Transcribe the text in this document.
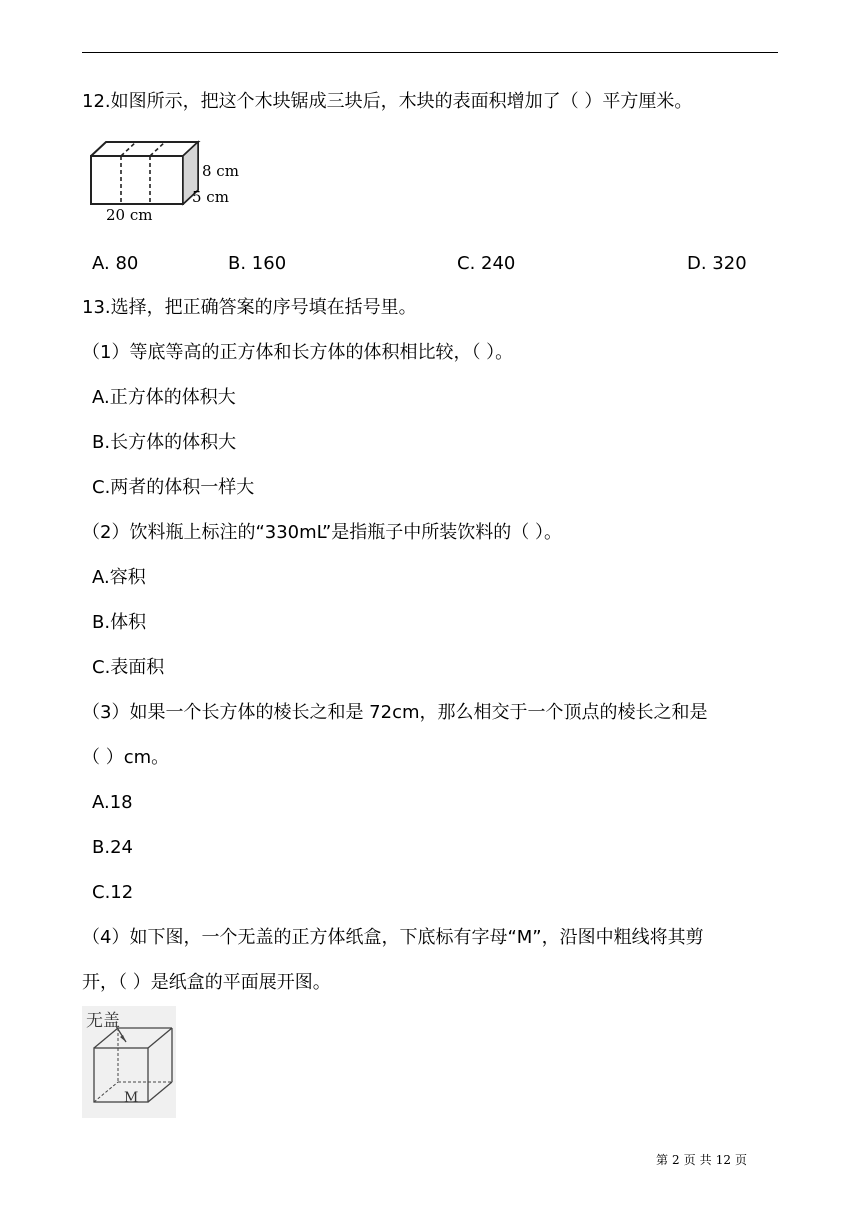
12.如图所示，把这个木块锯成三块后，木块的表面积增加了（ ）平方厘米。
8 cm
5 cm
20 cm
A. 80	B. 160	C. 240	D. 320
13.选择，把正确答案的序号填在括号里。
（1）等底等高的正方体和长方体的体积相比较，（ ）。
A.正方体的体积大
B.长方体的体积大
C.两者的体积一样大
（2）饮料瓶上标注的“330mL”是指瓶子中所装饮料的（ ）。
A.容积
B.体积
C.表面积
（3）如果一个长方体的棱长之和是 72cm，那么相交于一个顶点的棱长之和是
（ ）cm。
A.18
B.24
C.12
（4）如下图，一个无盖的正方体纸盒，下底标有字母“M”，沿图中粗线将其剪
开，（ ）是纸盒的平面展开图。
无盖
M
第 2 页 共 12 页
